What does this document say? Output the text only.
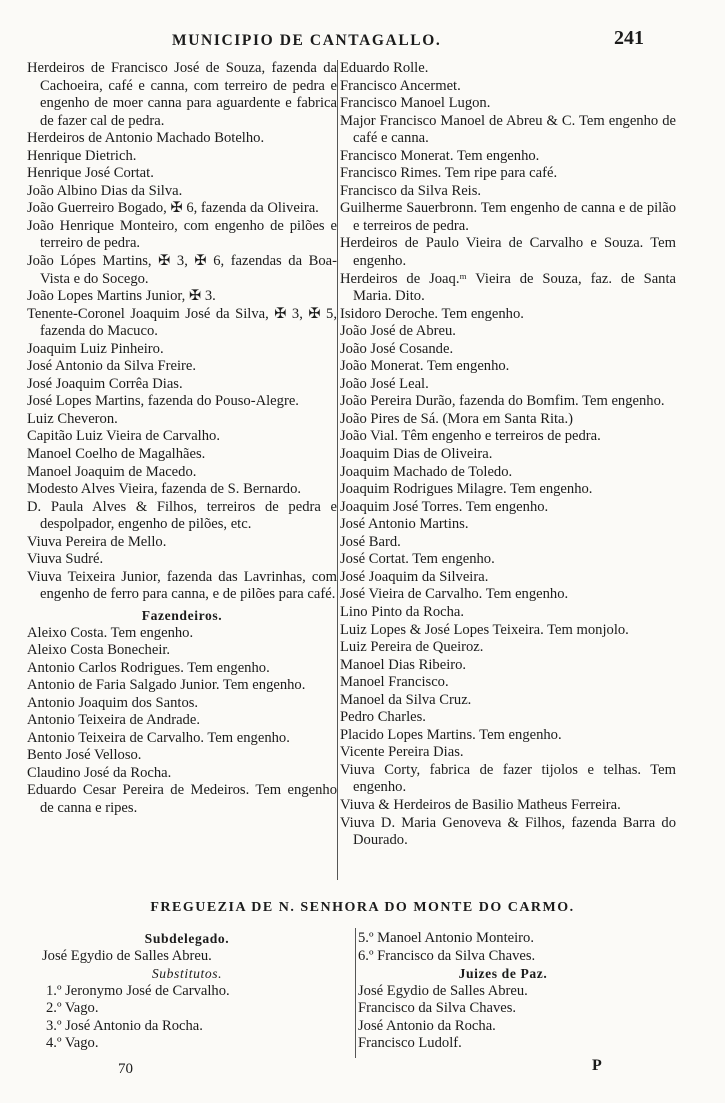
MUNICIPIO DE CANTAGALLO.	241
Herdeiros de Francisco José de Souza, fazenda da Cachoeira, café e canna, com terreiro de pedra e engenho de moer canna para aguardente e fabrica de fazer cal de pedra.
Herdeiros de Antonio Machado Botelho.
Henrique Dietrich.
Henrique José Cortat.
João Albino Dias da Silva.
João Guerreiro Bogado, ✠ 6, fazenda da Oliveira.
João Henrique Monteiro, com engenho de pilões e terreiro de pedra.
João Lópes Martins, ✠ 3, ✠ 6, fazendas da Boa-Vista e do Socego.
João Lopes Martins Junior, ✠ 3.
Tenente-Coronel Joaquim José da Silva, ✠ 3, ✠ 5, fazenda do Macuco.
Joaquim Luiz Pinheiro.
José Antonio da Silva Freire.
José Joaquim Corrêa Dias.
José Lopes Martins, fazenda do Pouso-Alegre.
Luiz Cheveron.
Capitão Luiz Vieira de Carvalho.
Manoel Coelho de Magalhães.
Manoel Joaquim de Macedo.
Modesto Alves Vieira, fazenda de S. Bernardo.
D. Paula Alves & Filhos, terreiros de pedra e despolpador, engenho de pilões, etc.
Viuva Pereira de Mello.
Viuva Sudré.
Viuva Teixeira Junior, fazenda das Lavrinhas, com engenho de ferro para canna, e de pilões para café.
Fazendeiros.
Aleixo Costa. Tem engenho.
Aleixo Costa Bonecheir.
Antonio Carlos Rodrigues. Tem engenho.
Antonio de Faria Salgado Junior. Tem engenho.
Antonio Joaquim dos Santos.
Antonio Teixeira de Andrade.
Antonio Teixeira de Carvalho. Tem engenho.
Bento José Velloso.
Claudino José da Rocha.
Eduardo Cesar Pereira de Medeiros. Tem engenho de canna e ripes.
Eduardo Rolle.
Francisco Ancermet.
Francisco Manoel Lugon.
Major Francisco Manoel de Abreu & C. Tem engenho de café e canna.
Francisco Monerat. Tem engenho.
Francisco Rimes. Tem ripe para café.
Francisco da Silva Reis.
Guilherme Sauerbronn. Tem engenho de canna e de pilão e terreiros de pedra.
Herdeiros de Paulo Vieira de Carvalho e Souza. Tem engenho.
Herdeiros de Joaq.ᵐ Vieira de Souza, faz. de Santa Maria. Dito.
Isidoro Deroche. Tem engenho.
João José de Abreu.
João José Cosande.
João Monerat. Tem engenho.
João José Leal.
João Pereira Durão, fazenda do Bomfim. Tem engenho.
João Pires de Sá. (Mora em Santa Rita.)
João Vial. Têm engenho e terreiros de pedra.
Joaquim Dias de Oliveira.
Joaquim Machado de Toledo.
Joaquim Rodrigues Milagre. Tem engenho.
Joaquim José Torres. Tem engenho.
José Antonio Martins.
José Bard.
José Cortat. Tem engenho.
José Joaquim da Silveira.
José Vieira de Carvalho. Tem engenho.
Lino Pinto da Rocha.
Luiz Lopes & José Lopes Teixeira. Tem monjolo.
Luiz Pereira de Queiroz.
Manoel Dias Ribeiro.
Manoel Francisco.
Manoel da Silva Cruz.
Pedro Charles.
Placido Lopes Martins. Tem engenho.
Vicente Pereira Dias.
Viuva Corty, fabrica de fazer tijolos e telhas. Tem engenho.
Viuva & Herdeiros de Basilio Matheus Ferreira.
Viuva D. Maria Genoveva & Filhos, fazenda Barra do Dourado.
FREGUEZIA DE N. SENHORA DO MONTE DO CARMO.
Subdelegado.
José Egydio de Salles Abreu.
Substitutos.
1.º Jeronymo José de Carvalho.
2.º Vago.
3.º José Antonio da Rocha.
4.º Vago.
5.º Manoel Antonio Monteiro.
6.º Francisco da Silva Chaves.
Juizes de Paz.
José Egydio de Salles Abreu.
Francisco da Silva Chaves.
José Antonio da Rocha.
Francisco Ludolf.
70	P
